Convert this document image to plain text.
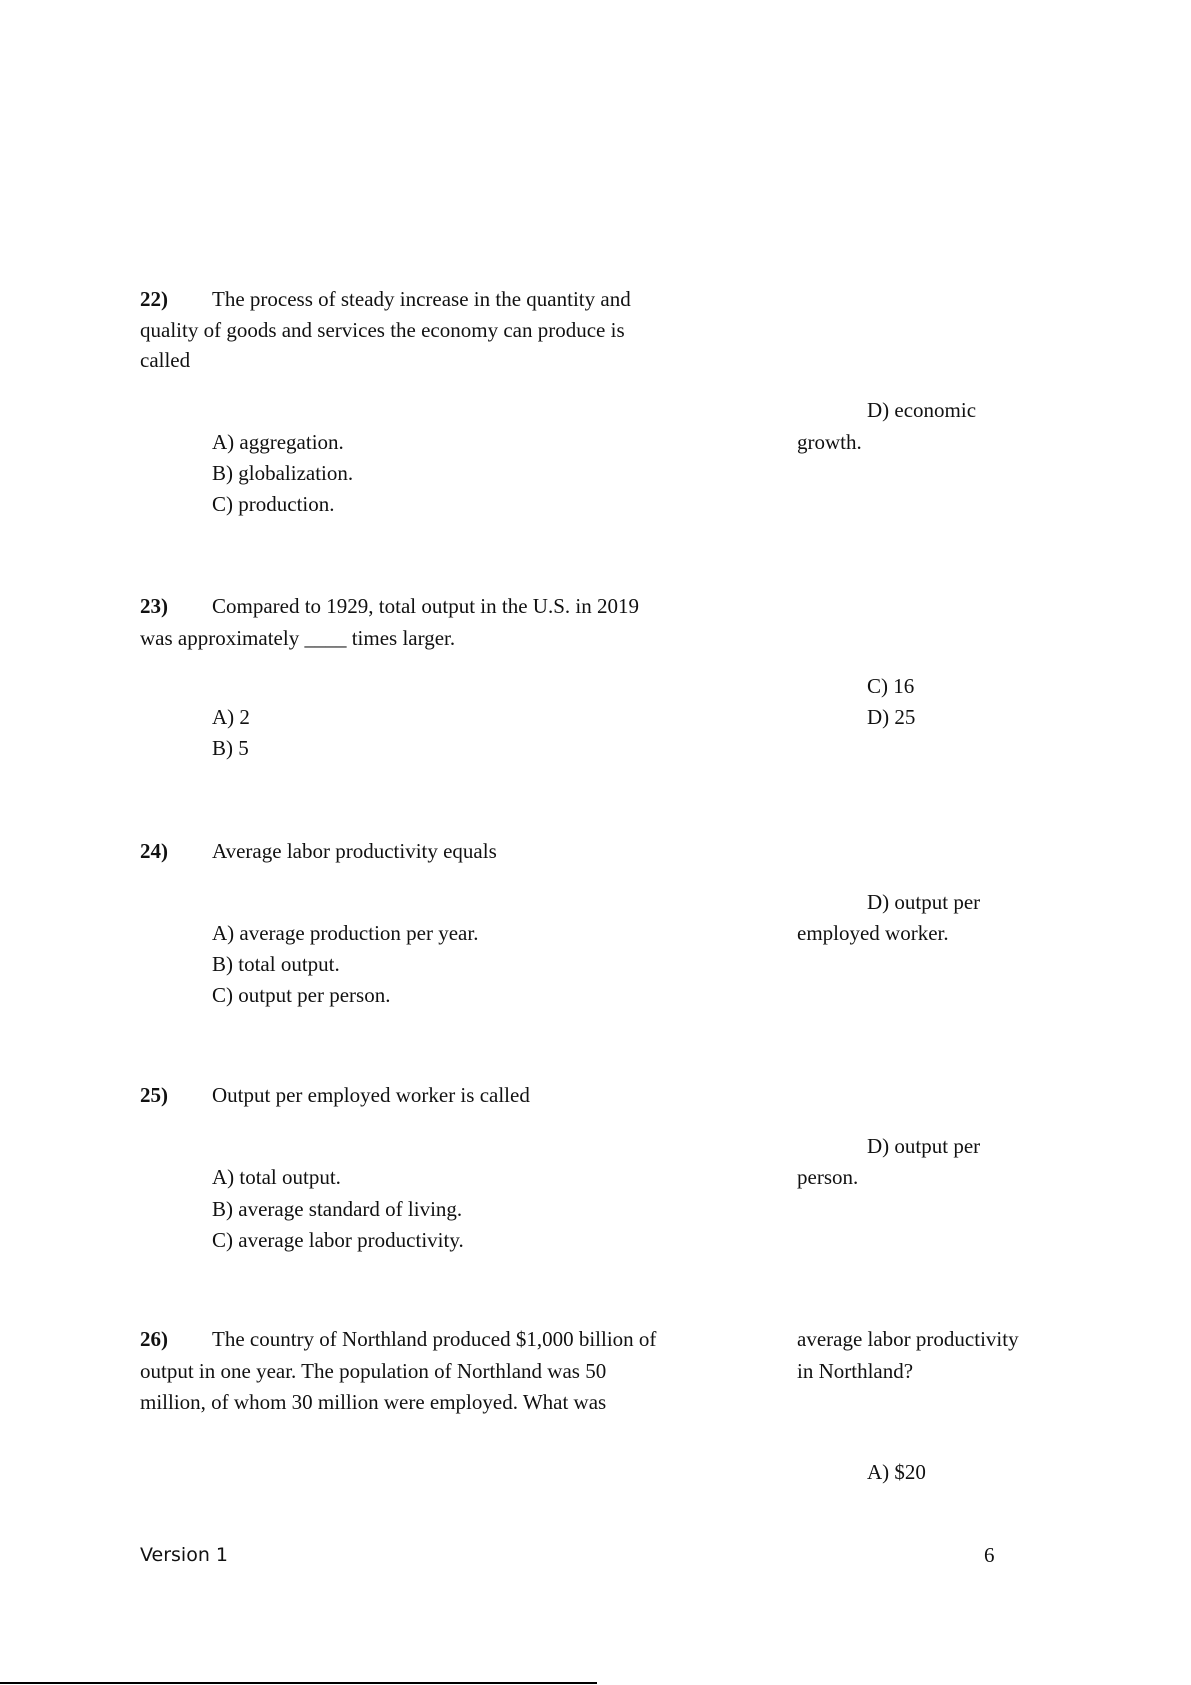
22) The process of steady increase in the quantity and
quality of goods and services the economy can produce is
called
A) aggregation.
B) globalization.
C) production.
D) economic
growth.
23) Compared to 1929, total output in the U.S. in 2019
was approximately ____ times larger.
A) 2
B) 5
C) 16
D) 25
24) Average labor productivity equals
A) average production per year.
B) total output.
C) output per person.
D) output per
employed worker.
25) Output per employed worker is called
A) total output.
B) average standard of living.
C) average labor productivity.
D) output per
person.
26) The country of Northland produced $1,000 billion of
output in one year. The population of Northland was 50
million, of whom 30 million were employed. What was
average labor productivity
in Northland?
A) $20
Version 1	6
